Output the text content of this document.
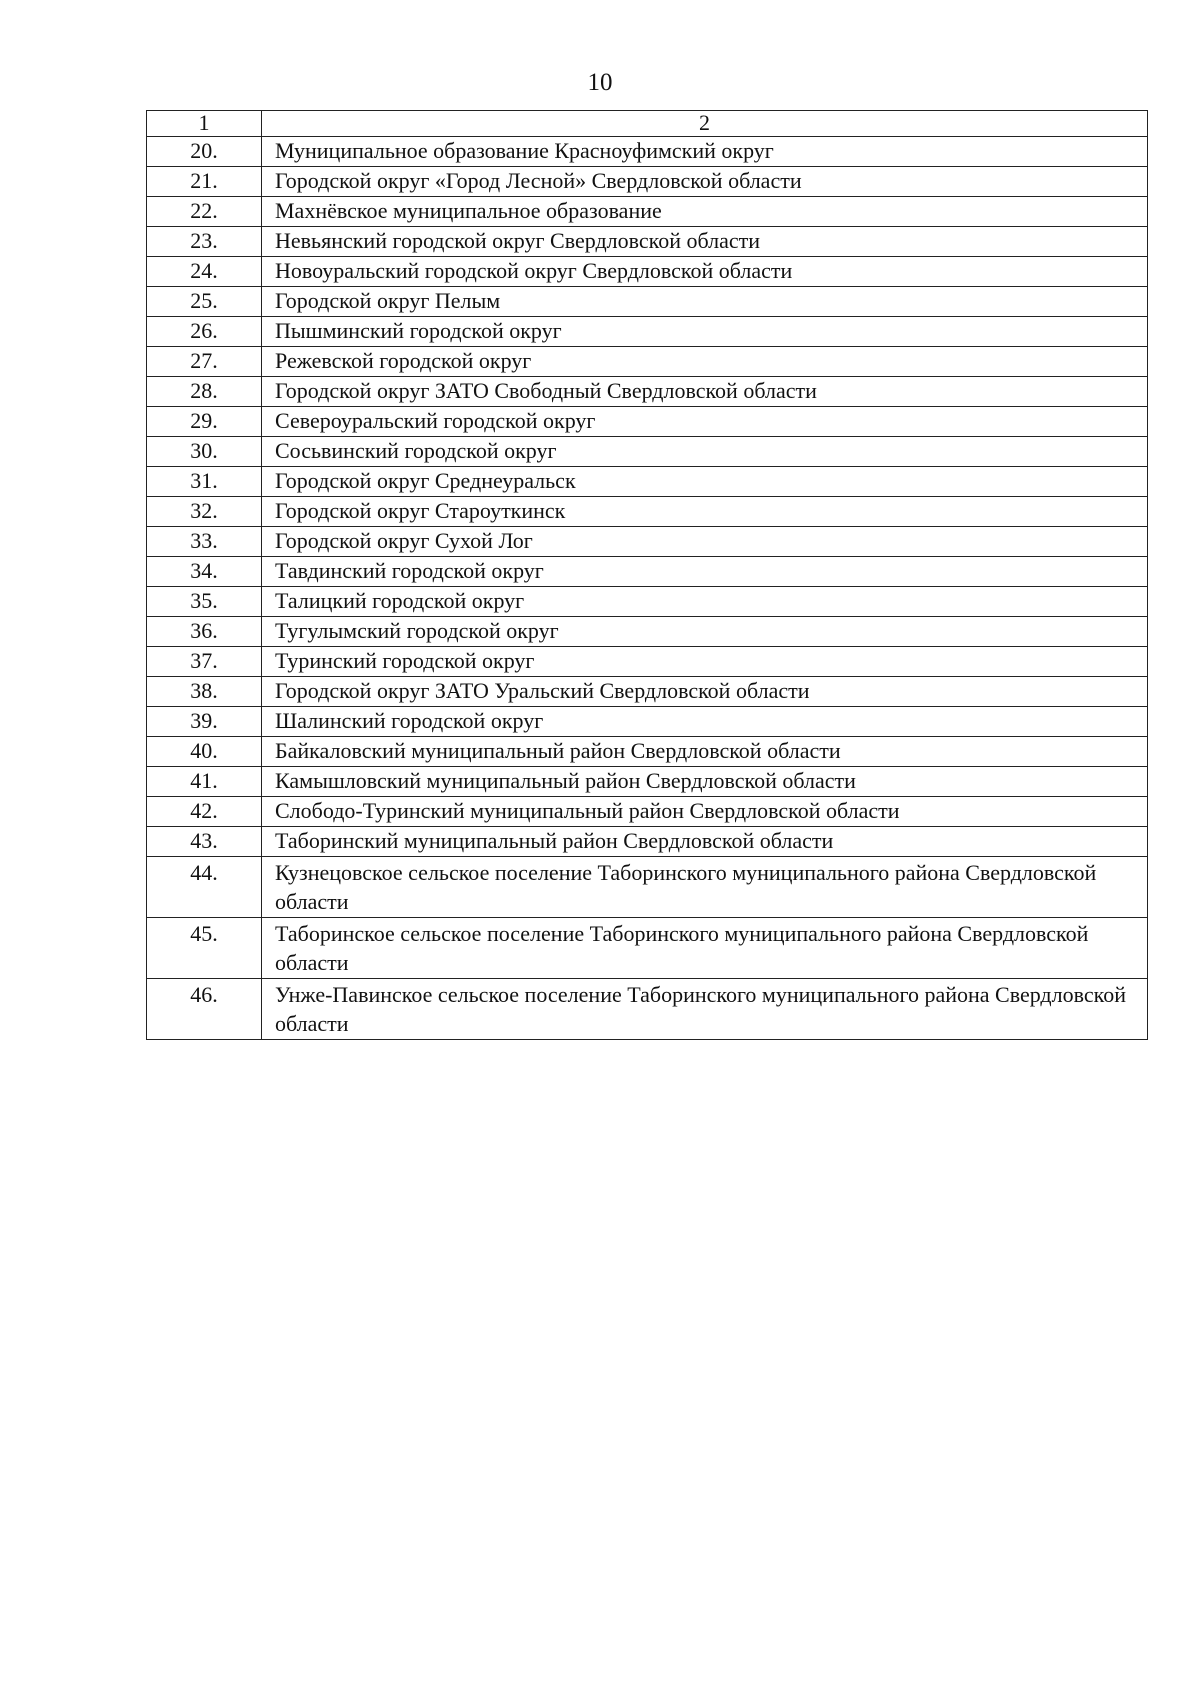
10
1	2
20.	Муниципальное образование Красноуфимский округ
21.	Городской округ «Город Лесной» Свердловской области
22.	Махнёвское муниципальное образование
23.	Невьянский городской округ Свердловской области
24.	Новоуральский городской округ Свердловской области
25.	Городской округ Пелым
26.	Пышминский городской округ
27.	Режевской городской округ
28.	Городской округ ЗАТО Свободный Свердловской области
29.	Североуральский городской округ
30.	Сосьвинский городской округ
31.	Городской округ Среднеуральск
32.	Городской округ Староуткинск
33.	Городской округ Сухой Лог
34.	Тавдинский городской округ
35.	Талицкий городской округ
36.	Тугулымский городской округ
37.	Туринский городской округ
38.	Городской округ ЗАТО Уральский Свердловской области
39.	Шалинский городской округ
40.	Байкаловский муниципальный район Свердловской области
41.	Камышловский муниципальный район Свердловской области
42.	Слободо-Туринский муниципальный район Свердловской области
43.	Таборинский муниципальный район Свердловской области
44.	Кузнецовское сельское поселение Таборинского муниципального района Свердловской области
45.	Таборинское сельское поселение Таборинского муниципального района Свердловской области
46.	Унже-Павинское сельское поселение Таборинского муниципального района Свердловской области
